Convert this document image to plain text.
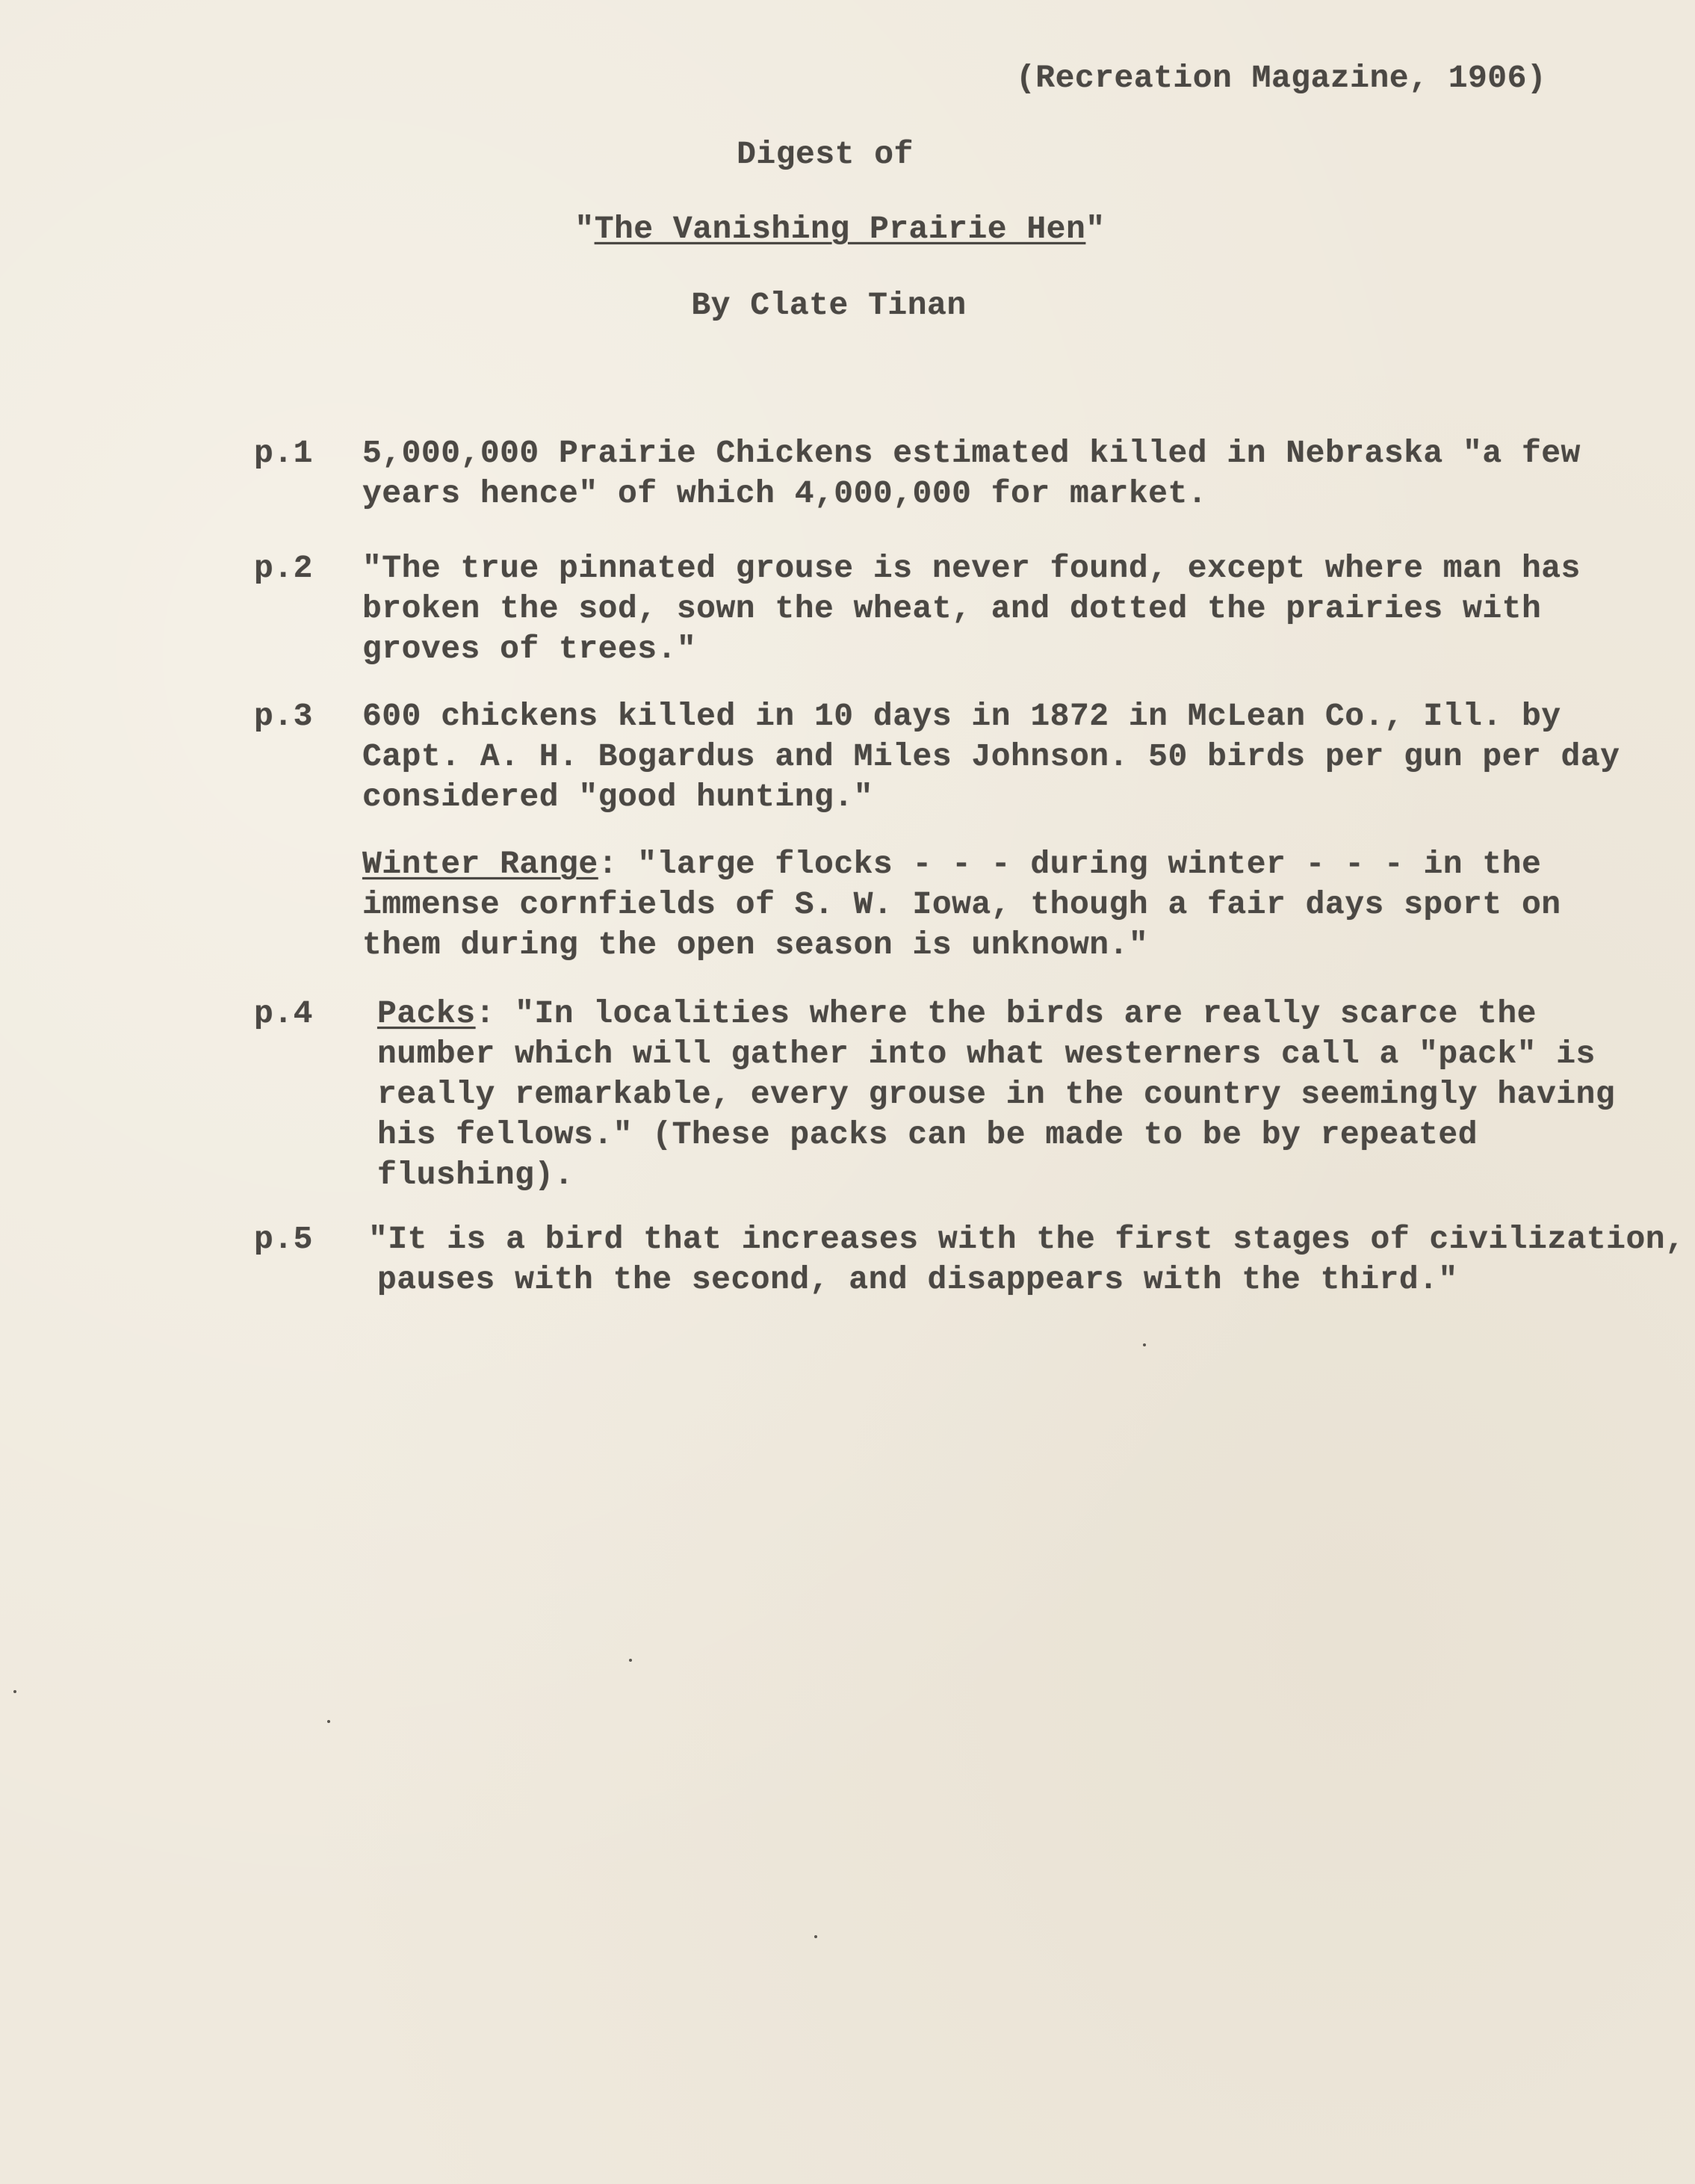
(Recreation Magazine, 1906)
Digest of
"The Vanishing Prairie Hen"
By Clate Tinan
p.1	5,000,000 Prairie Chickens estimated killed in Nebraska "a few
years hence" of which 4,000,000 for market.
p.2	"The true pinnated grouse is never found, except where man has
broken the sod, sown the wheat, and dotted the prairies with
groves of trees."
p.3	600 chickens killed in 10 days in 1872 in McLean Co., Ill. by
Capt. A. H. Bogardus and Miles Johnson. 50 birds per gun per day
considered "good hunting."
Winter Range: "large flocks - - - during winter - - - in the
immense cornfields of S. W. Iowa, though a fair days sport on
them during the open season is unknown."
p.4	Packs: "In localities where the birds are really scarce the
number which will gather into what westerners call a "pack" is
really remarkable, every grouse in the country seemingly having
his fellows." (These packs can be made to be by repeated
flushing).
p.5	"It is a bird that increases with the first stages of civilization,
pauses with the second, and disappears with the third."
